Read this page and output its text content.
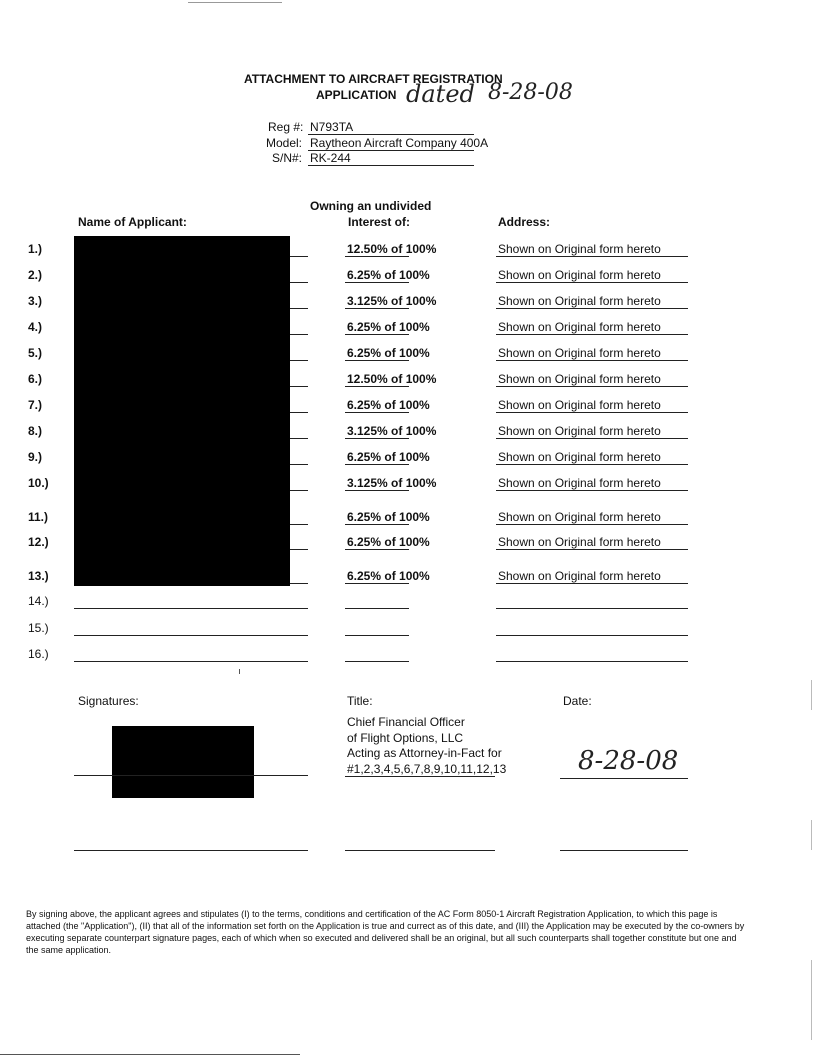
ATTACHMENT TO AIRCRAFT REGISTRATION
APPLICATION dated 8-28-08
Reg #: N793TA
Model: Raytheon Aircraft Company 400A
S/N#: RK-244
Owning an undivided
Name of Applicant:	Interest of:	Address:
1.)	12.50% of 100%	Shown on Original form hereto
2.)	6.25% of 100%	Shown on Original form hereto
3.)	3.125% of 100%	Shown on Original form hereto
4.)	6.25% of 100%	Shown on Original form hereto
5.)	6.25% of 100%	Shown on Original form hereto
6.)	12.50% of 100%	Shown on Original form hereto
7.)	6.25% of 100%	Shown on Original form hereto
8.)	3.125% of 100%	Shown on Original form hereto
9.)	6.25% of 100%	Shown on Original form hereto
10.)	3.125% of 100%	Shown on Original form hereto
11.)	6.25% of 100%	Shown on Original form hereto
12.)	6.25% of 100%	Shown on Original form hereto
13.)	6.25% of 100%	Shown on Original form hereto
14.)
15.)
16.)
Signatures:	Title:	Date:
Chief Financial Officer
of Flight Options, LLC
Acting as Attorney-in-Fact for
#1,2,3,4,5,6,7,8,9,10,11,12,13	8-28-08
By signing above, the applicant agrees and stipulates (I) to the terms, conditions and certification of the AC Form 8050-1 Aircraft Registration Application, to which this page is attached (the "Application"), (II) that all of the information set forth on the Application is true and currect as of this date, and (III) the Application may be executed by the co-owners by executing separate counterpart signature pages, each of which when so executed and delivered shall be an original, but all such counterparts shall together constitute but one and the same application.
